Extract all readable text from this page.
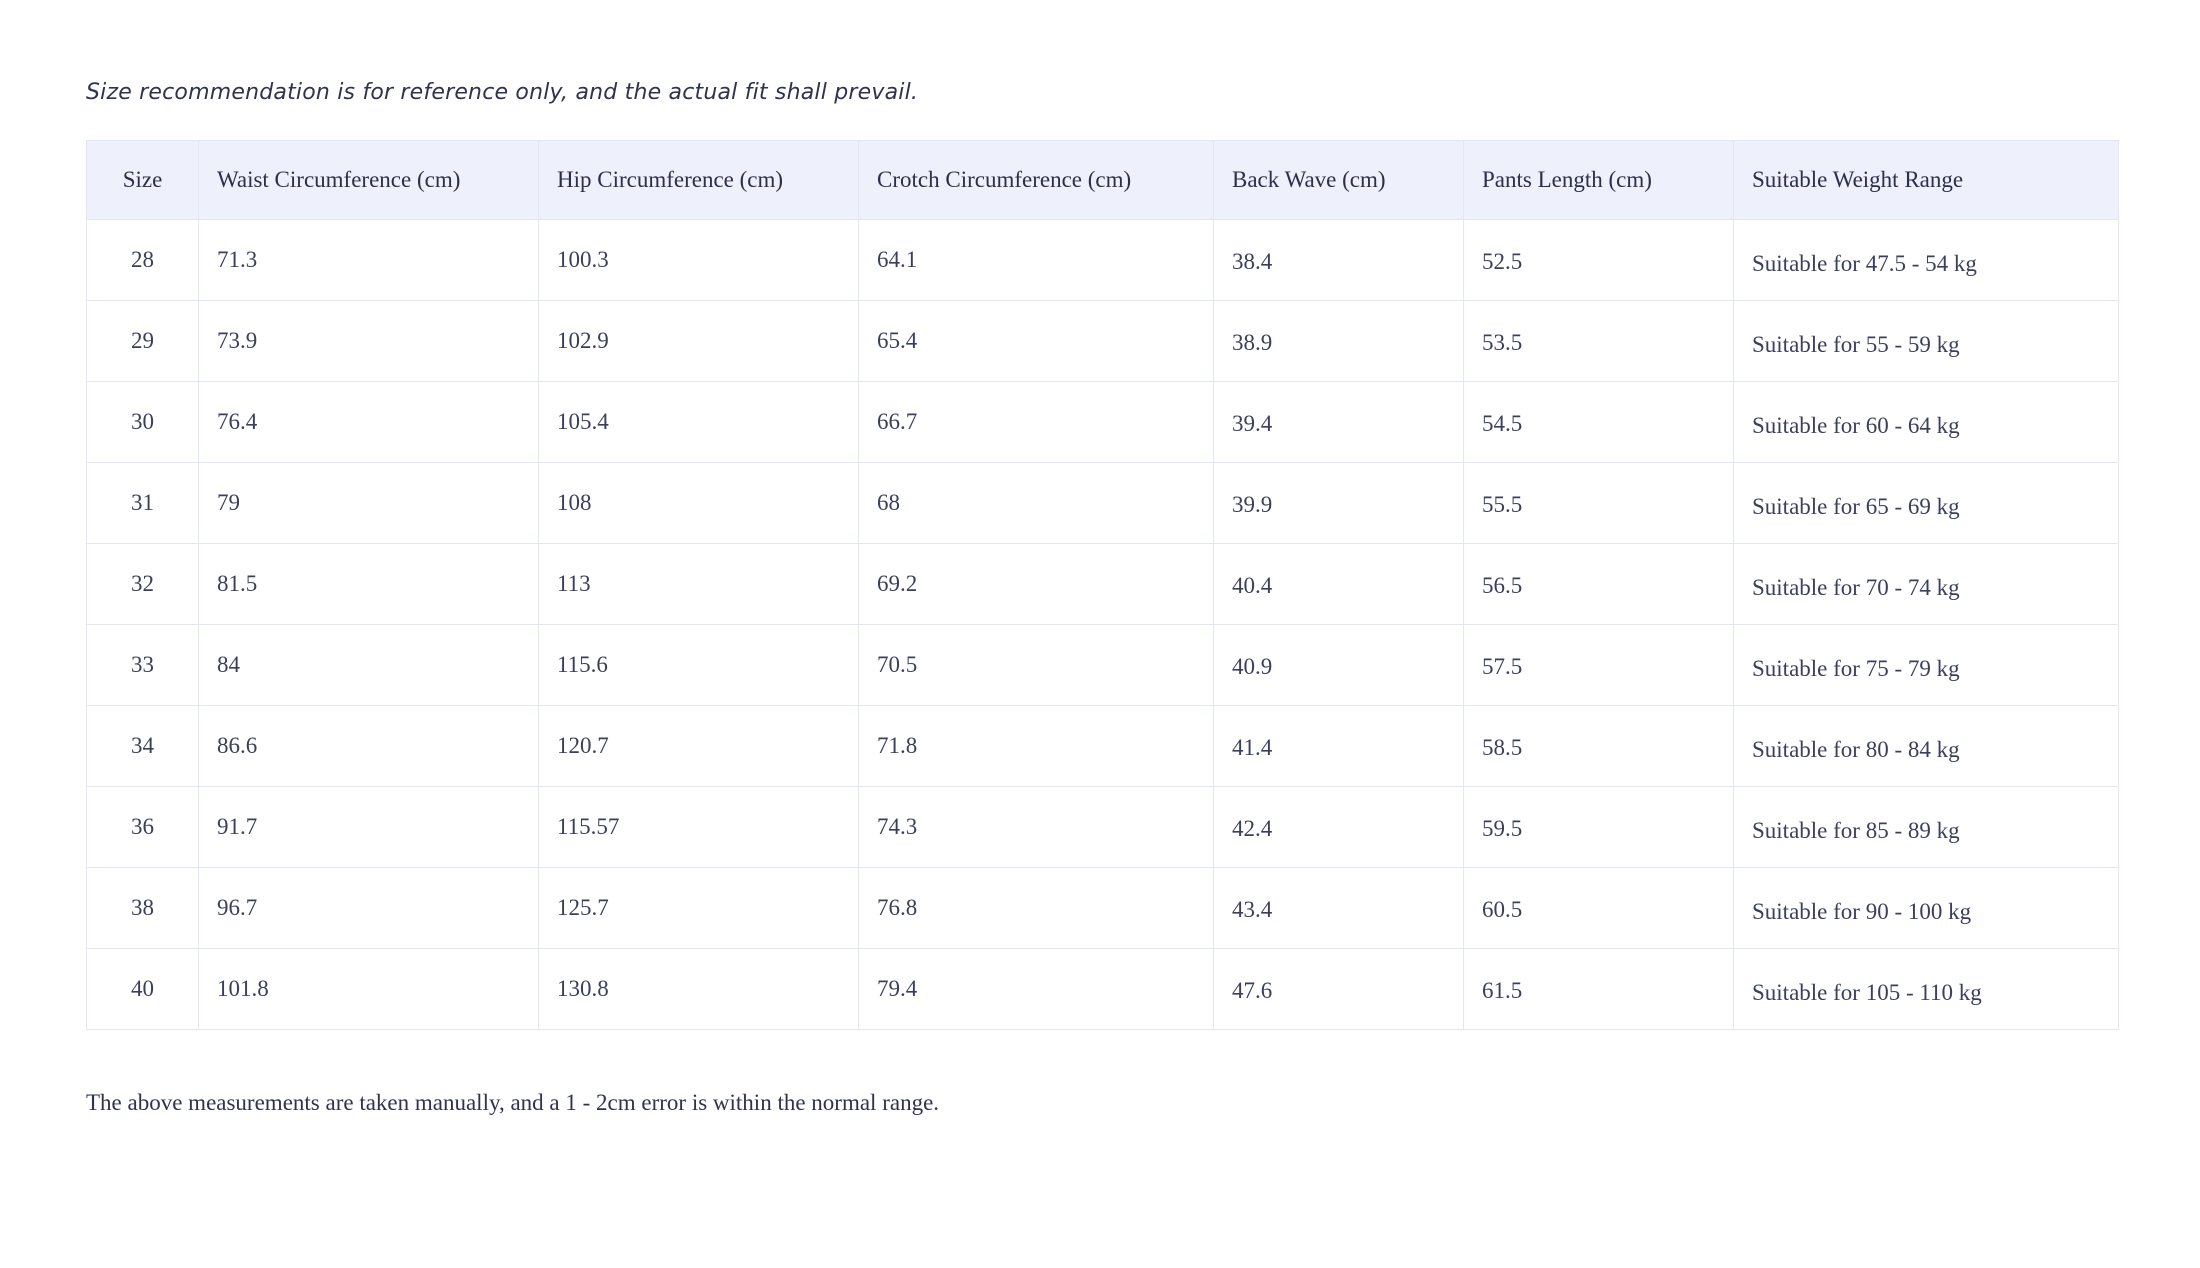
Size recommendation is for reference only, and the actual fit shall prevail.
Size	Waist Circumference (cm)	Hip Circumference (cm)	Crotch Circumference (cm)	Back Wave (cm)	Pants Length (cm)	Suitable Weight Range
28	71.3	100.3	64.1	38.4	52.5	Suitable for 47.5 - 54 kg
29	73.9	102.9	65.4	38.9	53.5	Suitable for 55 - 59 kg
30	76.4	105.4	66.7	39.4	54.5	Suitable for 60 - 64 kg
31	79	108	68	39.9	55.5	Suitable for 65 - 69 kg
32	81.5	113	69.2	40.4	56.5	Suitable for 70 - 74 kg
33	84	115.6	70.5	40.9	57.5	Suitable for 75 - 79 kg
34	86.6	120.7	71.8	41.4	58.5	Suitable for 80 - 84 kg
36	91.7	115.57	74.3	42.4	59.5	Suitable for 85 - 89 kg
38	96.7	125.7	76.8	43.4	60.5	Suitable for 90 - 100 kg
40	101.8	130.8	79.4	47.6	61.5	Suitable for 105 - 110 kg
The above measurements are taken manually, and a 1 - 2cm error is within the normal range.
